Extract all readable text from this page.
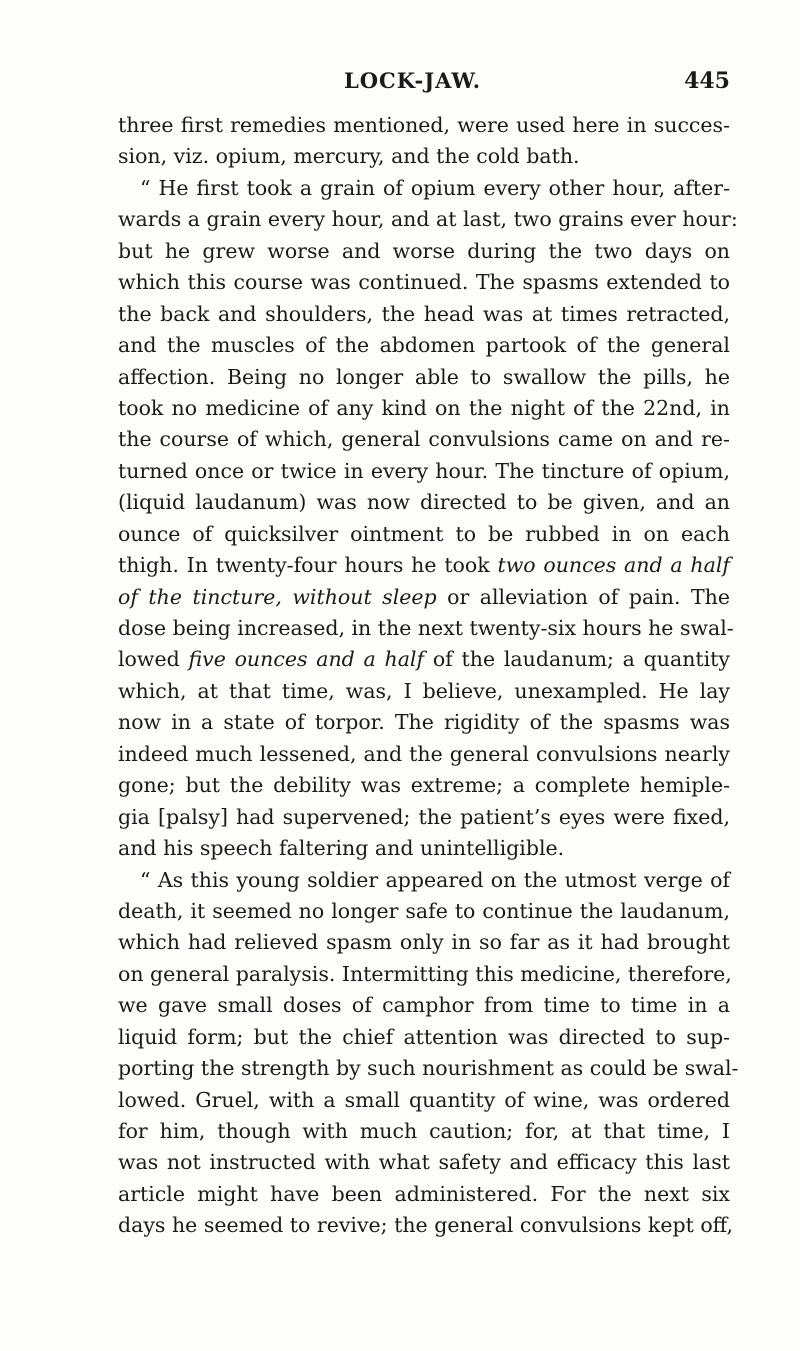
LOCK-JAW.	445
three first remedies mentioned, were used here in succes-
sion, viz. opium, mercury, and the cold bath.
“ He first took a grain of opium every other hour, after-
wards a grain every hour, and at last, two grains ever hour:
but he grew worse and worse during the two days on
which this course was continued. The spasms extended to
the back and shoulders, the head was at times retracted,
and the muscles of the abdomen partook of the general
affection. Being no longer able to swallow the pills, he
took no medicine of any kind on the night of the 22nd, in
the course of which, general convulsions came on and re-
turned once or twice in every hour. The tincture of opium,
(liquid laudanum) was now directed to be given, and an
ounce of quicksilver ointment to be rubbed in on each
thigh. In twenty-four hours he took two ounces and a half
of the tincture, without sleep or alleviation of pain. The
dose being increased, in the next twenty-six hours he swal-
lowed five ounces and a half of the laudanum; a quantity
which, at that time, was, I believe, unexampled. He lay
now in a state of torpor. The rigidity of the spasms was
indeed much lessened, and the general convulsions nearly
gone; but the debility was extreme; a complete hemiple-
gia [palsy] had supervened; the patient’s eyes were fixed,
and his speech faltering and unintelligible.
“ As this young soldier appeared on the utmost verge of
death, it seemed no longer safe to continue the laudanum,
which had relieved spasm only in so far as it had brought
on general paralysis. Intermitting this medicine, therefore,
we gave small doses of camphor from time to time in a
liquid form; but the chief attention was directed to sup-
porting the strength by such nourishment as could be swal-
lowed. Gruel, with a small quantity of wine, was ordered
for him, though with much caution; for, at that time, I
was not instructed with what safety and efficacy this last
article might have been administered. For the next six
days he seemed to revive; the general convulsions kept off,
